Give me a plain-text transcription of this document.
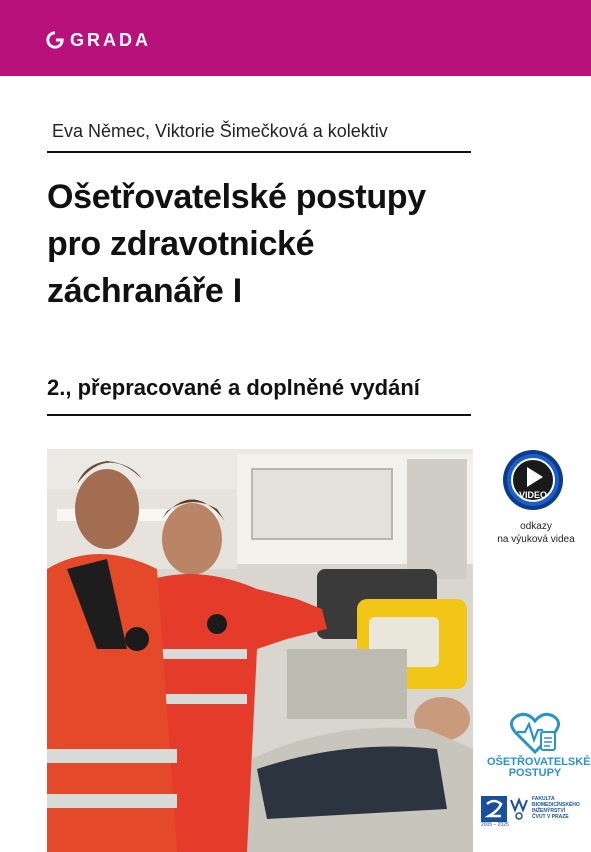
GRADA
Eva Němec, Viktorie Šimečková a kolektiv
Ošetřovatelské postupy
pro zdravotnické
záchranáře I
2., přepracované a doplněné vydání
VIDEO
odkazy
na výuková videa
OŠETŘOVATELSKÉ
POSTUPY
FAKULTA
BIOMEDICÍNSKÉHO
INŽENÝRSTVÍ
ČVUT V PRAZE
2005 – 2025
